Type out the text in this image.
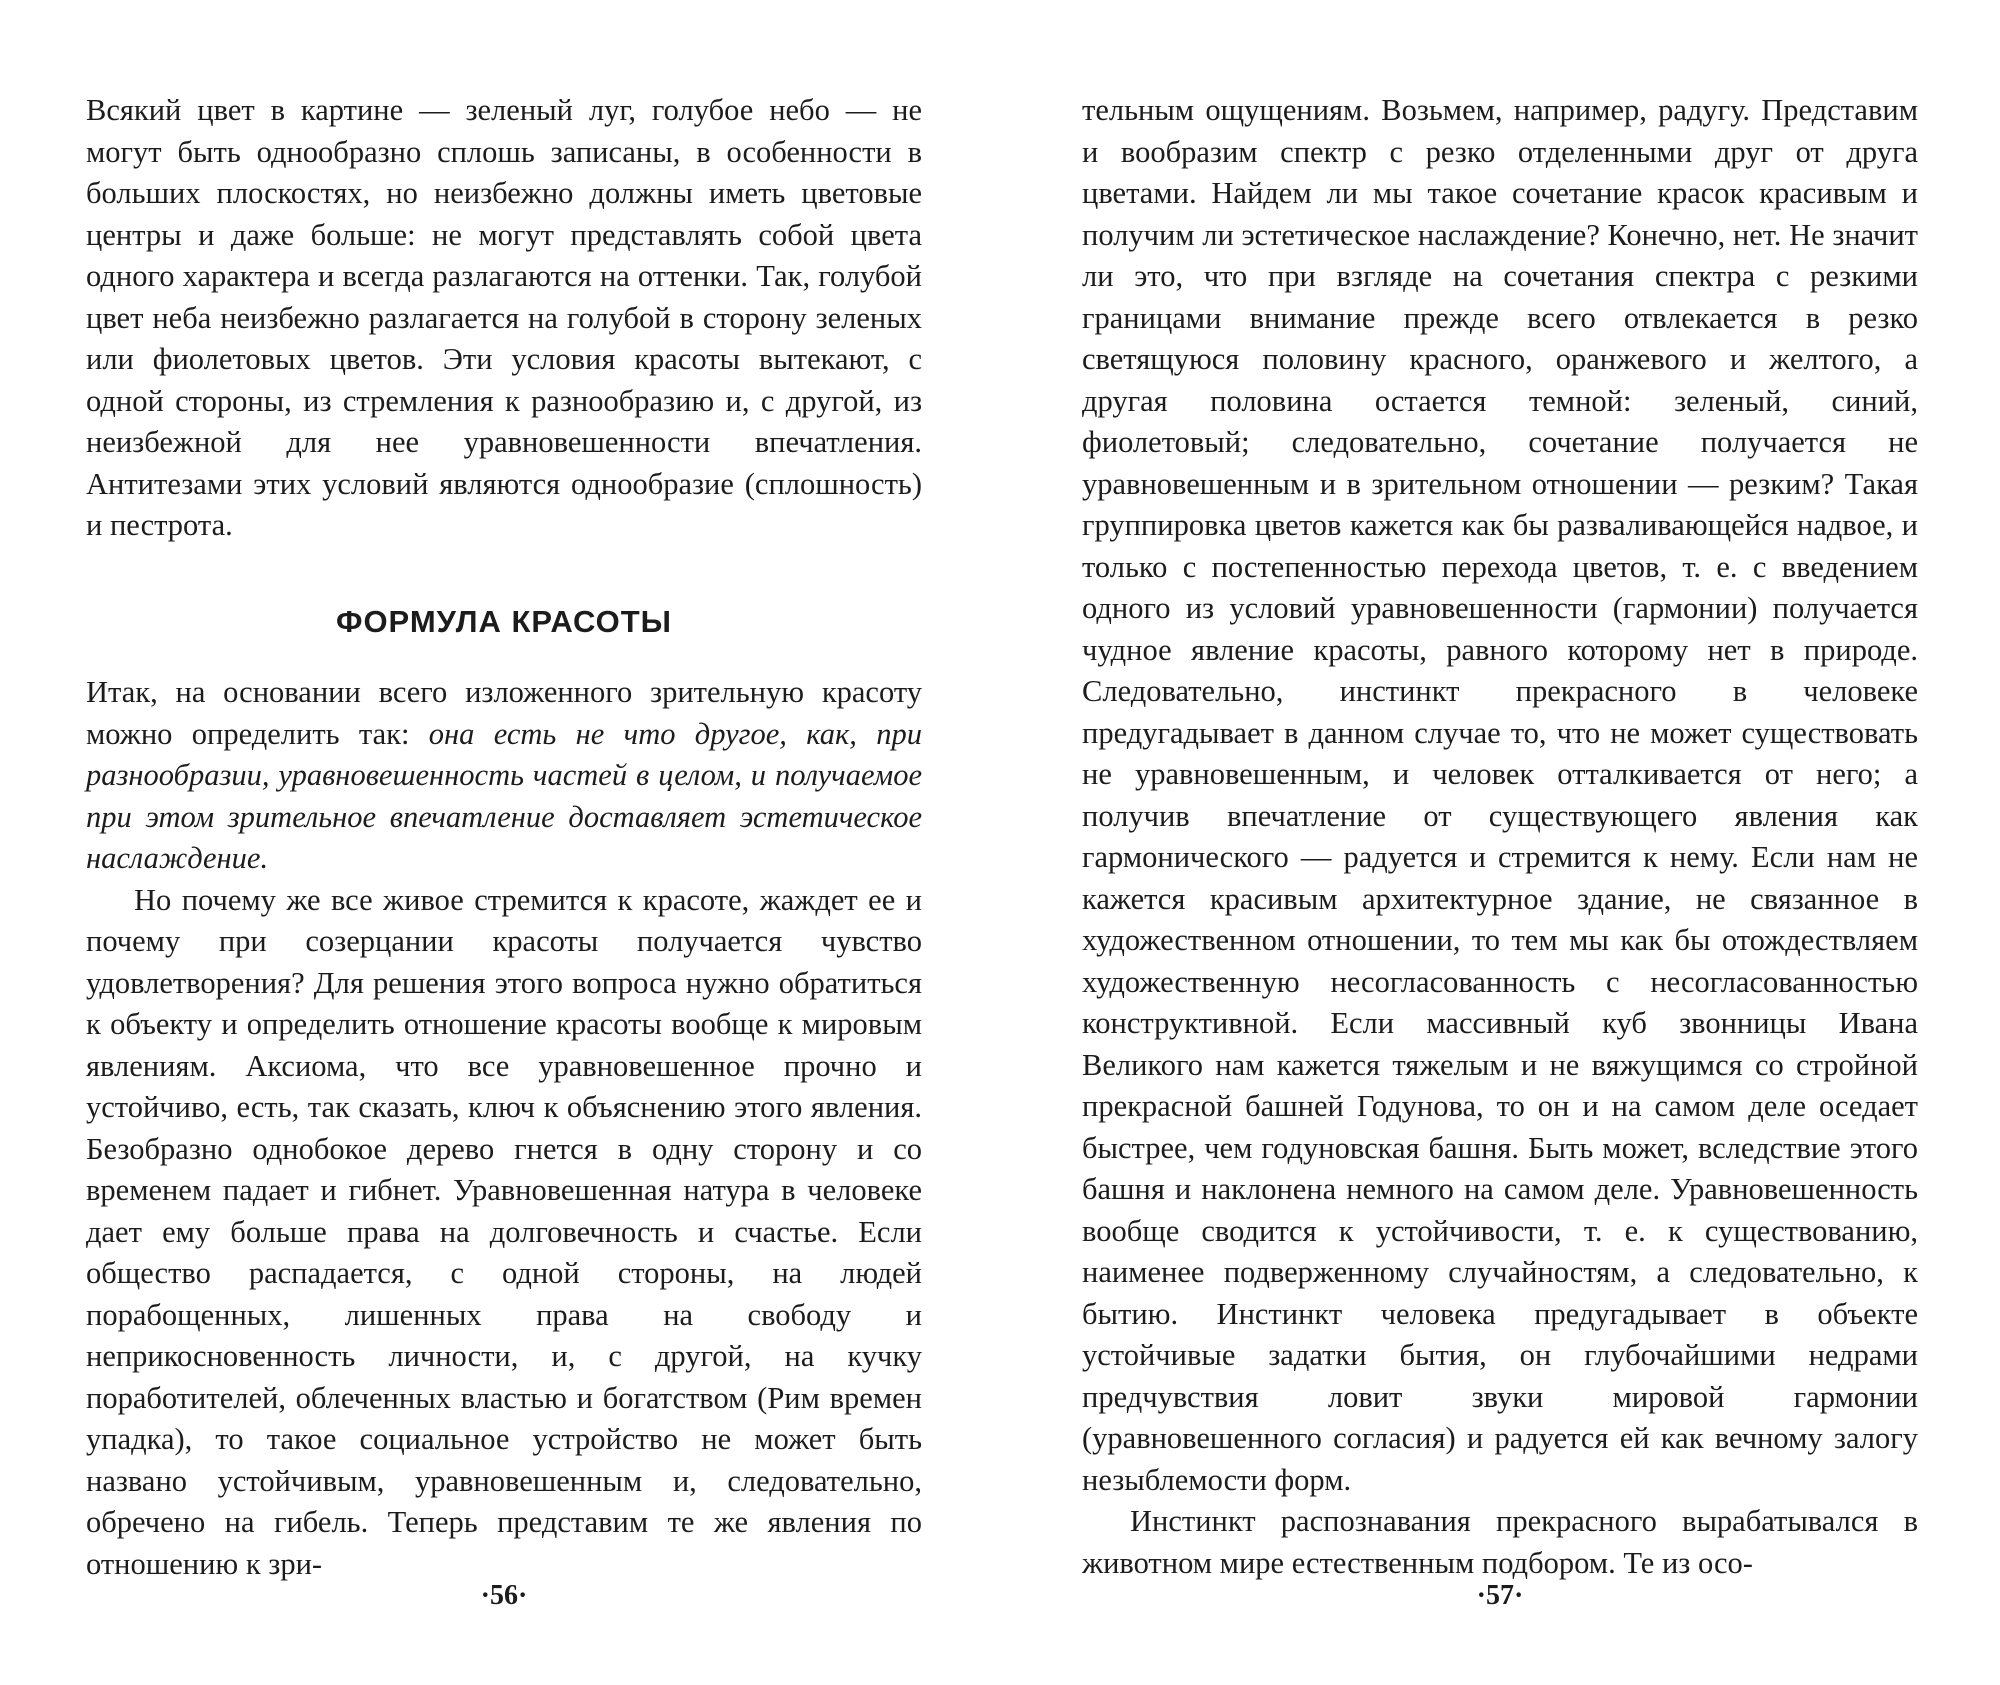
Всякий цвет в картине — зеленый луг, голубое небо — не могут быть однообразно сплошь записаны, в особенности в больших плоскостях, но неизбежно должны иметь цветовые центры и даже больше: не могут представлять собой цвета одного характера и всегда разлагаются на оттенки. Так, голубой цвет неба неизбежно разлагается на голубой в сторону зеленых или фиолетовых цветов. Эти условия красоты вытекают, с одной стороны, из стремления к разнообразию и, с другой, из неизбежной для нее уравновешенности впечатления. Антитезами этих условий являются однообразие (сплошность) и пестрота.

ФОРМУЛА КРАСОТЫ

Итак, на основании всего изложенного зрительную красоту можно определить так: она есть не что другое, как, при разнообразии, уравновешенность частей в целом, и получаемое при этом зрительное впечатление доставляет эстетическое наслаждение.

Но почему же все живое стремится к красоте, жаждет ее и почему при созерцании красоты получается чувство удовлетворения? Для решения этого вопроса нужно обратиться к объекту и определить отношение красоты вообще к мировым явлениям. Аксиома, что все уравновешенное прочно и устойчиво, есть, так сказать, ключ к объяснению этого явления. Безобразно однобокое дерево гнется в одну сторону и со временем падает и гибнет. Уравновешенная натура в человеке дает ему больше права на долговечность и счастье. Если общество распадается, с одной стороны, на людей порабощенных, лишенных права на свободу и неприкосновенность личности, и, с другой, на кучку поработителей, облеченных властью и богатством (Рим времен упадка), то такое социальное устройство не может быть названо устойчивым, уравновешенным и, следовательно, обречено на гибель. Теперь представим те же явления по отношению к зри-

·56·

тельным ощущениям. Возьмем, например, радугу. Представим и вообразим спектр с резко отделенными друг от друга цветами. Найдем ли мы такое сочетание красок красивым и получим ли эстетическое наслаждение? Конечно, нет. Не значит ли это, что при взгляде на сочетания спектра с резкими границами внимание прежде всего отвлекается в резко светящуюся половину красного, оранжевого и желтого, а другая половина остается темной: зеленый, синий, фиолетовый; следовательно, сочетание получается не уравновешенным и в зрительном отношении — резким? Такая группировка цветов кажется как бы разваливающейся надвое, и только с постепенностью перехода цветов, т. е. с введением одного из условий уравновешенности (гармонии) получается чудное явление красоты, равного которому нет в природе. Следовательно, инстинкт прекрасного в человеке предугадывает в данном случае то, что не может существовать не уравновешенным, и человек отталкивается от него; а получив впечатление от существующего явления как гармонического — радуется и стремится к нему. Если нам не кажется красивым архитектурное здание, не связанное в художественном отношении, то тем мы как бы отождествляем художественную несогласованность с несогласованностью конструктивной. Если массивный куб звонницы Ивана Великого нам кажется тяжелым и не вяжущимся со стройной прекрасной башней Годунова, то он и на самом деле оседает быстрее, чем годуновская башня. Быть может, вследствие этого башня и наклонена немного на самом деле. Уравновешенность вообще сводится к устойчивости, т. е. к существованию, наименее подверженному случайностям, а следовательно, к бытию. Инстинкт человека предугадывает в объекте устойчивые задатки бытия, он глубочайшими недрами предчувствия ловит звуки мировой гармонии (уравновешенного согласия) и радуется ей как вечному залогу незыблемости форм.

Инстинкт распознавания прекрасного вырабатывался в животном мире естественным подбором. Те из осо-

·57·
